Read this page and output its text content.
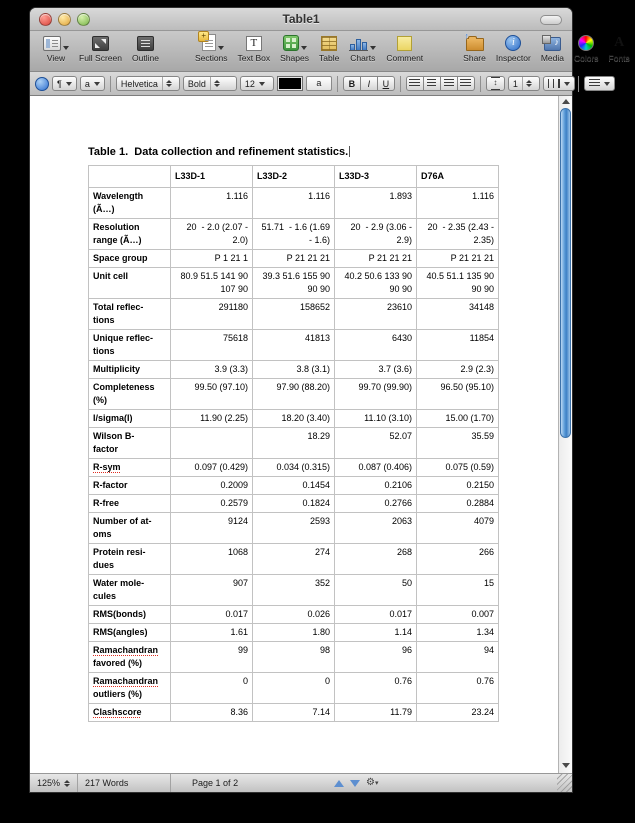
Table1
View Full Screen Outline
+	Sections
T Text Box Shapes Table Charts Comment
↑	Share
i Inspector
♪ Media Colors
A Fonts
¶	a	Helvetica	Bold	12	a	B	I	U	↕ 1
Table 1.  Data collection and refinement statistics.
	L33D-1	L33D-2	L33D-3	D76A
Wavelength
(Ã…)	1.116	1.116	1.893	1.116
Resolution
range (Ã…)	20  - 2.0 (2.07 - 2.0)	51.71  - 1.6 (1.69 - 1.6)	20  - 2.9 (3.06 - 2.9)	20  - 2.35 (2.43 - 2.35)
Space group	P 1 21 1	P 21 21 21	P 21 21 21	P 21 21 21
Unit cell	80.9 51.5 141 90 107 90	39.3 51.6 155 90 90 90	40.2 50.6 133 90 90 90	40.5 51.1 135 90 90 90
Total reflec-
tions	291180	158652	23610	34148
Unique reflec-
tions	75618	41813	6430	11854
Multiplicity	3.9 (3.3)	3.8 (3.1)	3.7 (3.6)	2.9 (2.3)
Completeness
(%)	99.50 (97.10)	97.90 (88.20)	99.70 (99.90)	96.50 (95.10)
I/sigma(I)	11.90 (2.25)	18.20 (3.40)	11.10 (3.10)	15.00 (1.70)
Wilson B-
factor		18.29	52.07	35.59
R-sym	0.097 (0.429)	0.034 (0.315)	0.087 (0.406)	0.075 (0.59)
R-factor	0.2009	0.1454	0.2106	0.2150
R-free	0.2579	0.1824	0.2766	0.2884
Number of at-
oms	9124	2593	2063	4079
Protein resi-
dues	1068	274	268	266
Water mole-
cules	907	352	50	15
RMS(bonds)	0.017	0.026	0.017	0.007
RMS(angles)	1.61	1.80	1.14	1.34
Ramachandran
favored (%)	99	98	96	94
Ramachandran
outliers (%)	0	0	0.76	0.76
Clashscore	8.36	7.14	11.79	23.24
125%	217 Words	Page 1 of 2	⚙▾
